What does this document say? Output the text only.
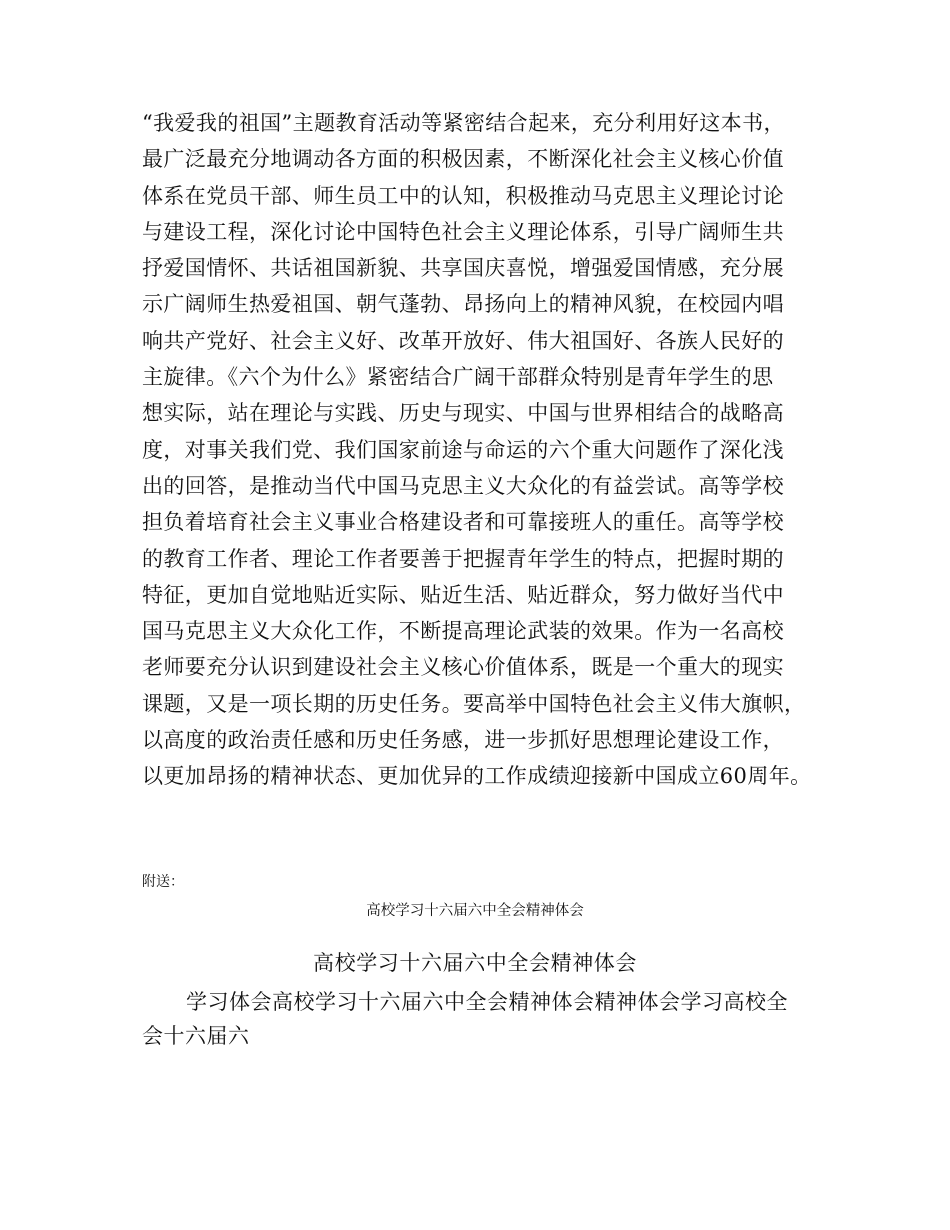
“我爱我的祖国”主题教育活动等紧密结合起来，充分利用好这本书，
最广泛最充分地调动各方面的积极因素，不断深化社会主义核心价值
体系在党员干部、师生员工中的认知，积极推动马克思主义理论讨论
与建设工程，深化讨论中国特色社会主义理论体系，引导广阔师生共
抒爱国情怀、共话祖国新貌、共享国庆喜悦，增强爱国情感，充分展
示广阔师生热爱祖国、朝气蓬勃、昂扬向上的精神风貌，在校园内唱
响共产党好、社会主义好、改革开放好、伟大祖国好、各族人民好的
主旋律。《六个为什么》紧密结合广阔干部群众特别是青年学生的思
想实际，站在理论与实践、历史与现实、中国与世界相结合的战略高
度，对事关我们党、我们国家前途与命运的六个重大问题作了深化浅
出的回答，是推动当代中国马克思主义大众化的有益尝试。高等学校
担负着培育社会主义事业合格建设者和可靠接班人的重任。高等学校
的教育工作者、理论工作者要善于把握青年学生的特点，把握时期的
特征，更加自觉地贴近实际、贴近生活、贴近群众，努力做好当代中
国马克思主义大众化工作，不断提高理论武装的效果。作为一名高校
老师要充分认识到建设社会主义核心价值体系，既是一个重大的现实
课题，又是一项长期的历史任务。要高举中国特色社会主义伟大旗帜，
以高度的政治责任感和历史任务感，进一步抓好思想理论建设工作，
以更加昂扬的精神状态、更加优异的工作成绩迎接新中国成立60周年。
附送：
高校学习十六届六中全会精神体会
高校学习十六届六中全会精神体会
学习体会高校学习十六届六中全会精神体会精神体会学习高校全
会十六届六
